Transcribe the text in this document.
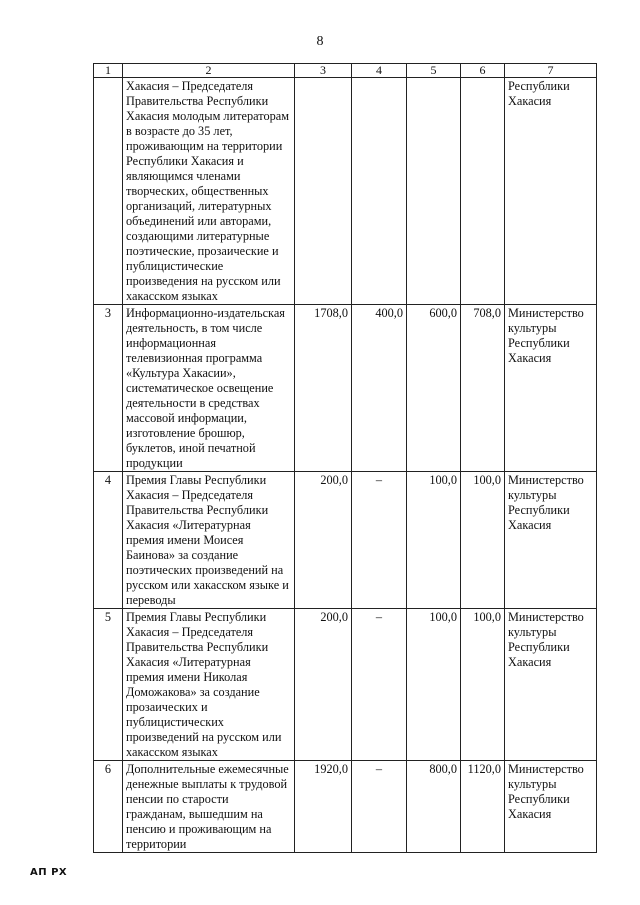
8
1	2	3	4	5	6	7
	Хакасия – Председателя Правительства Республики Хакасия молодым литераторам в возрасте до 35 лет, проживающим на территории Республики Хакасия и являющимся членами творческих, общественных организаций, литературных объединений или авторами, создающими литературные поэтические, прозаические и публицистические произведения на русском или хакасском языках					Республики Хакасия
3	Информационно-издательская деятельность, в том числе информационная телевизионная программа «Культура Хакасии», систематическое освещение деятельности в средствах массовой информации, изготовление брошюр, буклетов, иной печатной продукции	1708,0	400,0	600,0	708,0	Министерство культуры Республики Хакасия
4	Премия Главы Республики Хакасия – Председателя Правительства Республики Хакасия «Литературная премия имени Моисея Баинова» за создание поэтических произведений на русском или хакасском языке и переводы	200,0	–	100,0	100,0	Министерство культуры Республики Хакасия
5	Премия Главы Республики Хакасия – Председателя Правительства Республики Хакасия «Литературная премия имени Николая Доможакова» за создание прозаических и публицистических произведений на русском или хакасском языках	200,0	–	100,0	100,0	Министерство культуры Республики Хакасия
6	Дополнительные ежемесячные денежные выплаты к трудовой пенсии по старости гражданам, вышедшим на пенсию и проживающим на территории	1920,0	–	800,0	1120,0	Министерство культуры Республики Хакасия
АП РХ
